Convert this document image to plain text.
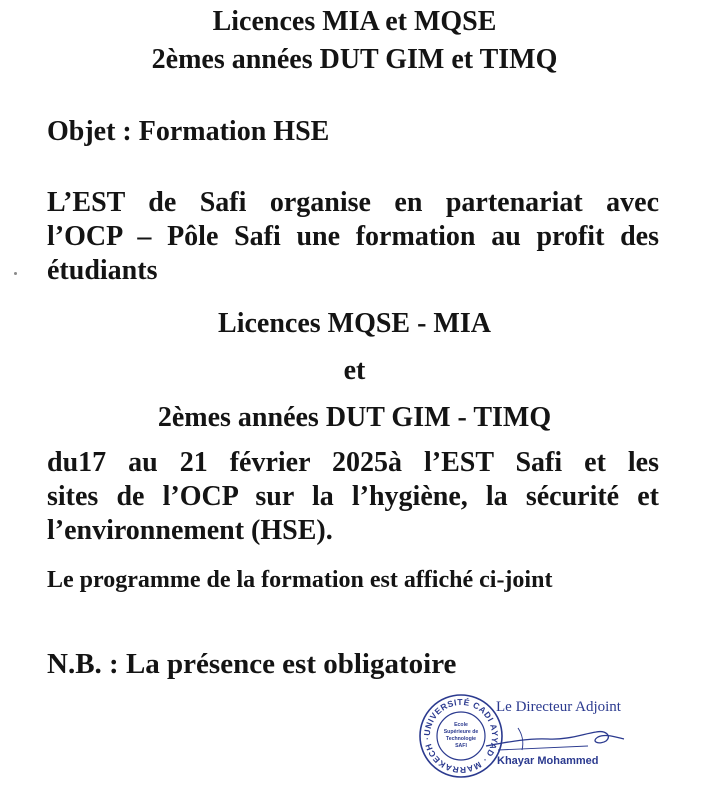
Licences MIA et MQSE
2èmes années DUT GIM et TIMQ
Objet : Formation HSE
L’EST de Safi organise en partenariat avec
l’OCP – Pôle Safi une formation au profit des
étudiants
Licences MQSE - MIA
et
2èmes années DUT GIM - TIMQ
du17 au 21 février 2025à l’EST Safi et les
sites de l’OCP sur la l’hygiène, la sécurité et
l’environnement (HSE).
Le programme de la formation est affiché ci-joint
N.B. : La présence est obligatoire
UNIVERSITÉ CADI AYYAD · MARRAKECH ·
Ecole
Supérieure de
Technologie
SAFI
Le Directeur Adjoint
Khayar Mohammed
